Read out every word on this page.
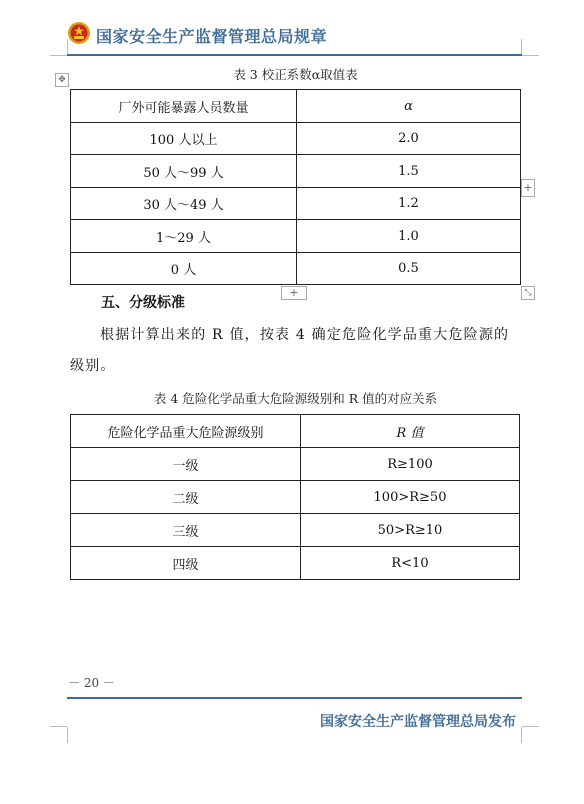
国家安全生产监督管理总局规章
✥	表 3 校正系数α取值表
厂外可能暴露人员数量	α
100 人以上	2.0
50 人～99 人	1.5
30 人～49 人	1.2
1～29 人	1.0
0 人	0.5
+
+	⤡
五、分级标准
根据计算出来的 R 值，按表 4 确定危险化学品重大危险源的级别。
表 4 危险化学品重大危险源级别和 R 值的对应关系
危险化学品重大危险源级别	R 值
一级	R≥100
二级	100>R≥50
三级	50>R≥10
四级	R<10
－ 20 －
国家安全生产监督管理总局发布
